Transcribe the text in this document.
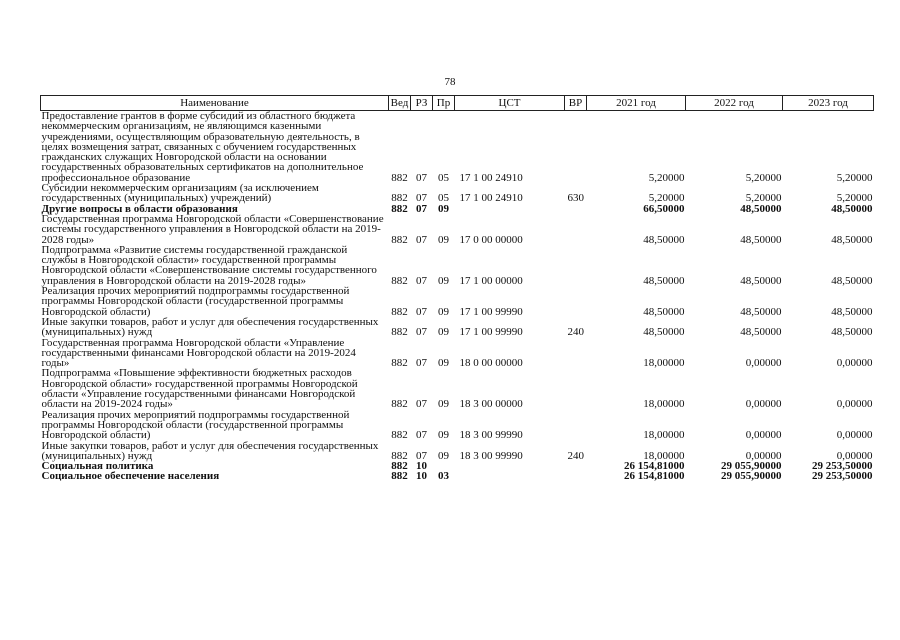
78
Наименование	Вед	РЗ	Пр	ЦСТ	ВР	2021 год	2022 год	2023 год
Предоставление грантов в форме субсидий из областного бюджета некоммерческим организациям, не являющимся казенными учреждениями, осуществляющим образовательную деятельность, в целях возмещения затрат, связанных с обучением государственных гражданских служащих Новгородской области на основании государственных образовательных сертификатов на дополнительное профессиональное образование	882	07	05	17 1 00 24910		5,20000	5,20000	5,20000
Субсидии некоммерческим организациям (за исключением государственных (муниципальных) учреждений)	882	07	05	17 1 00 24910	630	5,20000	5,20000	5,20000
Другие вопросы в области образования	882	07	09			66,50000	48,50000	48,50000
Государственная программа Новгородской области «Совершенствование системы государственного управления в Новгородской области на 2019-2028 годы»	882	07	09	17 0 00 00000		48,50000	48,50000	48,50000
Подпрограмма «Развитие системы государственной гражданской службы в Новгородской области» государственной программы Новгородской области «Совершенствование системы государственного управления в Новгородской области на 2019-2028 годы»	882	07	09	17 1 00 00000		48,50000	48,50000	48,50000
Реализация прочих мероприятий подпрограммы государственной программы Новгородской области (государственной программы Новгородской области)	882	07	09	17 1 00 99990		48,50000	48,50000	48,50000
Иные закупки товаров, работ и услуг для обеспечения государственных (муниципальных) нужд	882	07	09	17 1 00 99990	240	48,50000	48,50000	48,50000
Государственная программа Новгородской области «Управление государственными финансами Новгородской области на 2019-2024 годы»	882	07	09	18 0 00 00000		18,00000	0,00000	0,00000
Подпрограмма «Повышение эффективности бюджетных расходов Новгородской области» государственной программы Новгородской области «Управление государственными финансами Новгородской области на 2019-2024 годы»	882	07	09	18 3 00 00000		18,00000	0,00000	0,00000
Реализация прочих мероприятий подпрограммы государственной программы Новгородской области (государственной программы Новгородской области)	882	07	09	18 3 00 99990		18,00000	0,00000	0,00000
Иные закупки товаров, работ и услуг для обеспечения государственных (муниципальных) нужд	882	07	09	18 3 00 99990	240	18,00000	0,00000	0,00000
Социальная политика	882	10				26 154,81000	29 055,90000	29 253,50000
Социальное обеспечение населения	882	10	03			26 154,81000	29 055,90000	29 253,50000
